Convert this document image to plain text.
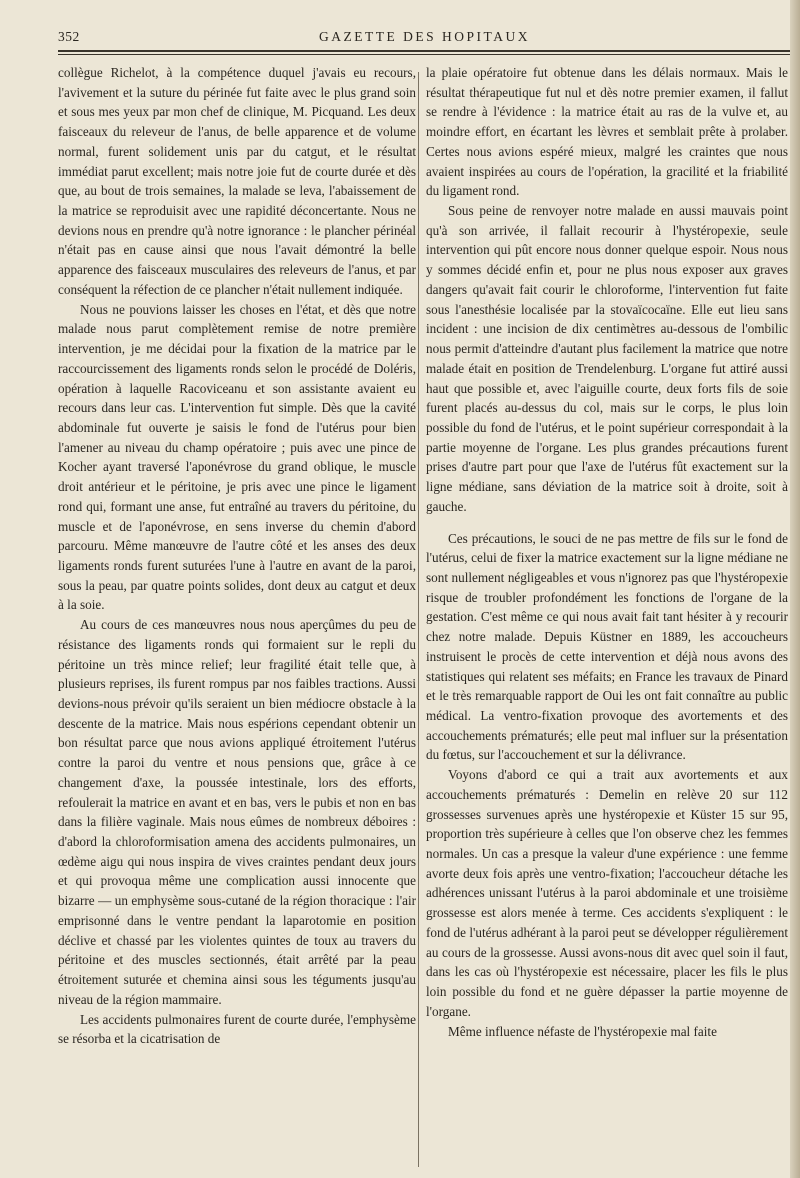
352	GAZETTE DES HOPITAUX

collègue Richelot, à la compétence duquel j'avais eu recours, l'avivement et la suture du périnée fut faite avec le plus grand soin et sous mes yeux par mon chef de clinique, M. Picquand. Les deux faisceaux du releveur de l'anus, de belle apparence et de volume normal, furent solidement unis par du catgut, et le résultat immédiat parut excellent; mais notre joie fut de courte durée et dès que, au bout de trois semaines, la malade se leva, l'abaissement de la matrice se reproduisit avec une rapidité déconcertante. Nous ne devions nous en prendre qu'à notre ignorance : le plancher périnéal n'était pas en cause ainsi que nous l'avait démontré la belle apparence des faisceaux musculaires des releveurs de l'anus, et par conséquent la réfection de ce plancher n'était nullement indiquée.

Nous ne pouvions laisser les choses en l'état, et dès que notre malade nous parut complètement remise de notre première intervention, je me décidai pour la fixation de la matrice par le raccourcissement des ligaments ronds selon le procédé de Doléris, opération à laquelle Racoviceanu et son assistante avaient eu recours dans leur cas. L'intervention fut simple. Dès que la cavité abdominale fut ouverte je saisis le fond de l'utérus pour bien l'amener au niveau du champ opératoire ; puis avec une pince de Kocher ayant traversé l'aponévrose du grand oblique, le muscle droit antérieur et le péritoine, je pris avec une pince le ligament rond qui, formant une anse, fut entraîné au travers du péritoine, du muscle et de l'aponévrose, en sens inverse du chemin d'abord parcouru. Même manœuvre de l'autre côté et les anses des deux ligaments ronds furent suturées l'une à l'autre en avant de la paroi, sous la peau, par quatre points solides, dont deux au catgut et deux à la soie.

Au cours de ces manœuvres nous nous aperçûmes du peu de résistance des ligaments ronds qui formaient sur le repli du péritoine un très mince relief; leur fragilité était telle que, à plusieurs reprises, ils furent rompus par nos faibles tractions. Aussi devions-nous prévoir qu'ils seraient un bien médiocre obstacle à la descente de la matrice. Mais nous espérions cependant obtenir un bon résultat parce que nous avions appliqué étroitement l'utérus contre la paroi du ventre et nous pensions que, grâce à ce changement d'axe, la poussée intestinale, lors des efforts, refoulerait la matrice en avant et en bas, vers le pubis et non en bas dans la filière vaginale. Mais nous eûmes de nombreux déboires : d'abord la chloroformisation amena des accidents pulmonaires, un œdème aigu qui nous inspira de vives craintes pendant deux jours et qui provoqua même une complication aussi innocente que bizarre — un emphysème sous-cutané de la région thoracique : l'air emprisonné dans le ventre pendant la laparotomie en position déclive et chassé par les violentes quintes de toux au travers du péritoine et des muscles sectionnés, était arrêté par la peau étroitement suturée et chemina ainsi sous les téguments jusqu'au niveau de la région mammaire.

Les accidents pulmonaires furent de courte durée, l'emphysème se résorba et la cicatrisation de

la plaie opératoire fut obtenue dans les délais normaux. Mais le résultat thérapeutique fut nul et dès notre premier examen, il fallut se rendre à l'évidence : la matrice était au ras de la vulve et, au moindre effort, en écartant les lèvres et semblait prête à prolaber. Certes nous avions espéré mieux, malgré les craintes que nous avaient inspirées au cours de l'opération, la gracilité et la friabilité du ligament rond.

Sous peine de renvoyer notre malade en aussi mauvais point qu'à son arrivée, il fallait recourir à l'hystéropexie, seule intervention qui pût encore nous donner quelque espoir. Nous nous y sommes décidé enfin et, pour ne plus nous exposer aux graves dangers qu'avait fait courir le chloroforme, l'intervention fut faite sous l'anesthésie localisée par la stovaïcocaïne. Elle eut lieu sans incident : une incision de dix centimètres au-dessous de l'ombilic nous permit d'atteindre d'autant plus facilement la matrice que notre malade était en position de Trendelenburg. L'organe fut attiré aussi haut que possible et, avec l'aiguille courte, deux forts fils de soie furent placés au-dessus du col, mais sur le corps, le plus loin possible du fond de l'utérus, et le point supérieur correspondait à la partie moyenne de l'organe. Les plus grandes précautions furent prises d'autre part pour que l'axe de l'utérus fût exactement sur la ligne médiane, sans déviation de la matrice soit à droite, soit à gauche.

Ces précautions, le souci de ne pas mettre de fils sur le fond de l'utérus, celui de fixer la matrice exactement sur la ligne médiane ne sont nullement négligeables et vous n'ignorez pas que l'hystéropexie risque de troubler profondément les fonctions de l'organe de la gestation. C'est même ce qui nous avait fait tant hésiter à y recourir chez notre malade. Depuis Küstner en 1889, les accoucheurs instruisent le procès de cette intervention et déjà nous avons des statistiques qui relatent ses méfaits; en France les travaux de Pinard et le très remarquable rapport de Oui les ont fait connaître au public médical. La ventro-fixation provoque des avortements et des accouchements prématurés; elle peut mal influer sur la présentation du fœtus, sur l'accouchement et sur la délivrance.

Voyons d'abord ce qui a trait aux avortements et aux accouchements prématurés : Demelin en relève 20 sur 112 grossesses survenues après une hystéropexie et Küster 15 sur 95, proportion très supérieure à celles que l'on observe chez les femmes normales. Un cas a presque la valeur d'une expérience : une femme avorte deux fois après une ventro-fixation; l'accoucheur détache les adhérences unissant l'utérus à la paroi abdominale et une troisième grossesse est alors menée à terme. Ces accidents s'expliquent : le fond de l'utérus adhérant à la paroi peut se développer régulièrement au cours de la grossesse. Aussi avons-nous dit avec quel soin il faut, dans les cas où l'hystéropexie est nécessaire, placer les fils le plus loin possible du fond et ne guère dépasser la partie moyenne de l'organe.

Même influence néfaste de l'hystéropexie mal faite
